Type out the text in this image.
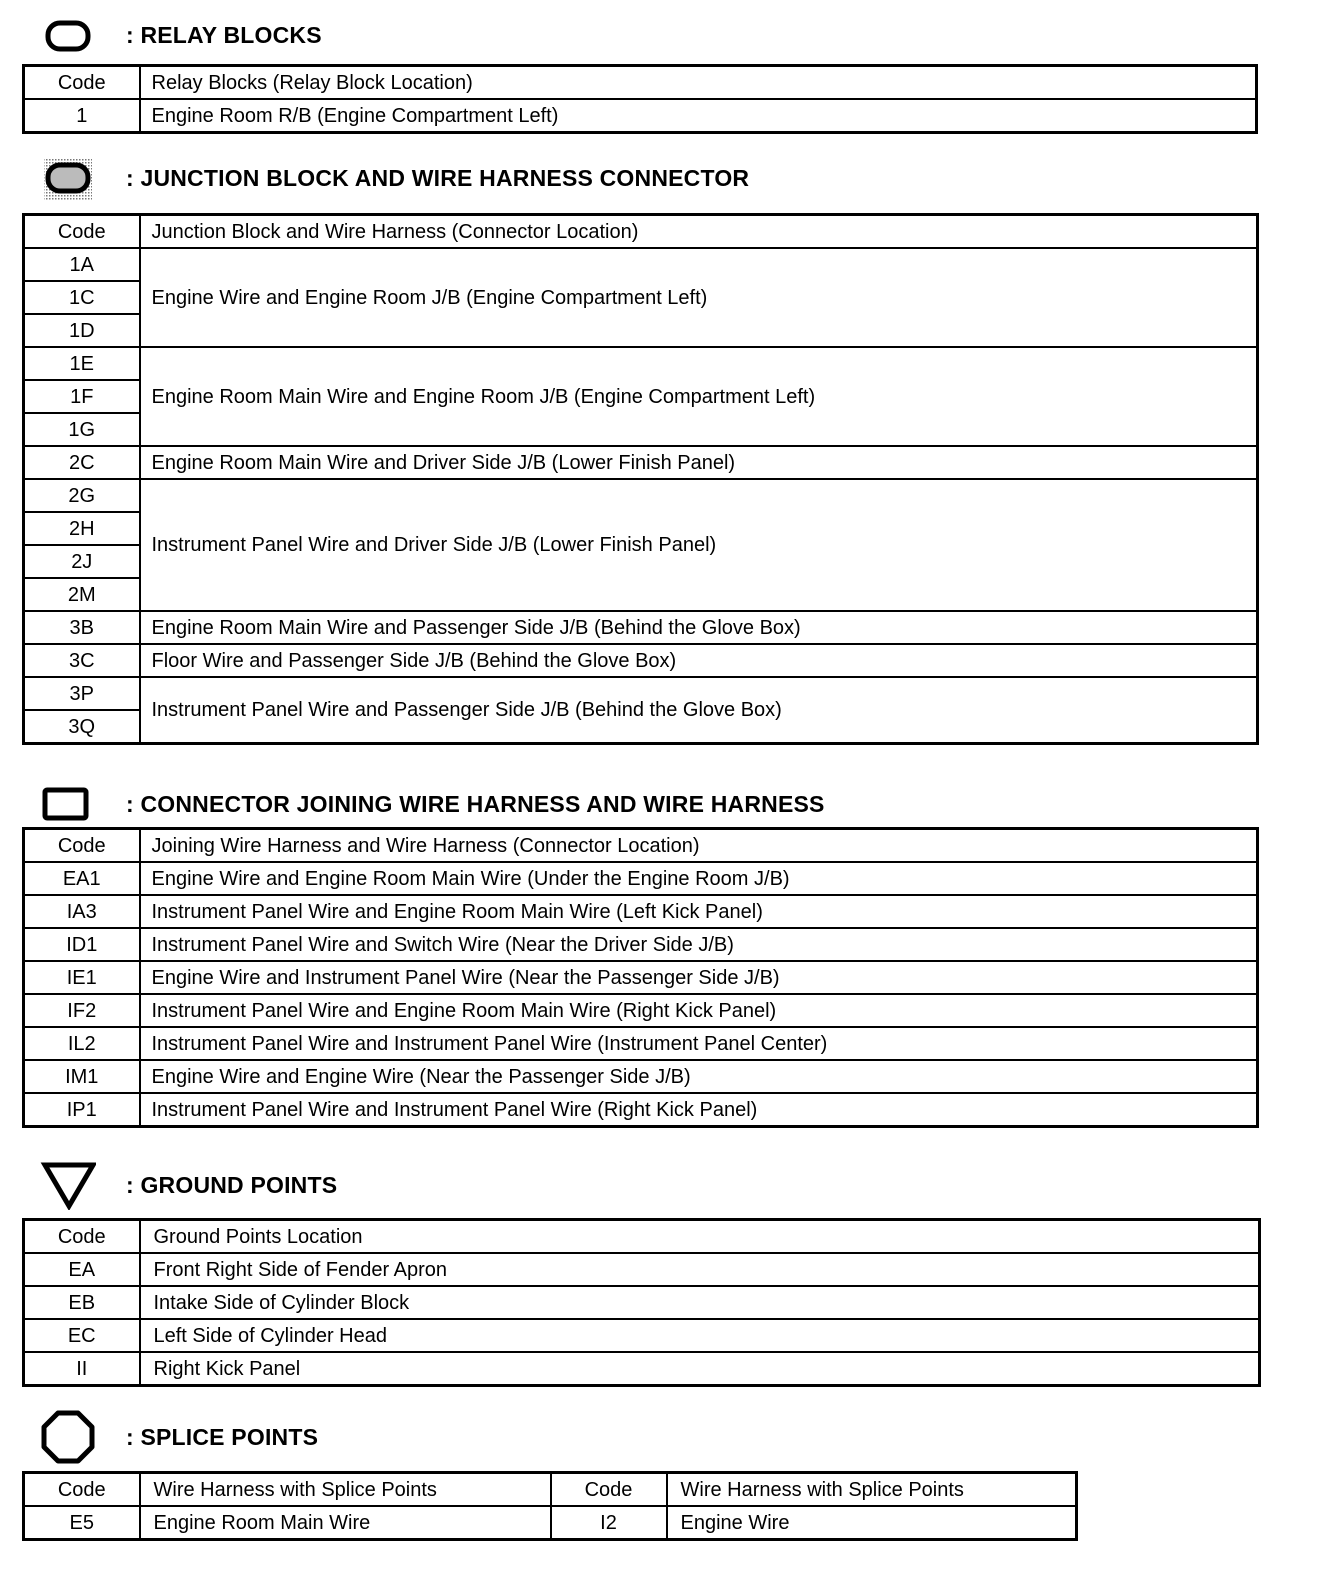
: RELAY BLOCKS
Code	Relay Blocks (Relay Block Location)
1	Engine Room R/B (Engine Compartment Left)
: JUNCTION BLOCK AND WIRE HARNESS CONNECTOR
Code	Junction Block and Wire Harness (Connector Location)
1A	Engine Wire and Engine Room J/B (Engine Compartment Left)
1C	
1D	
1E	Engine Room Main Wire and Engine Room J/B (Engine Compartment Left)
1F	
1G	
2C	Engine Room Main Wire and Driver Side J/B (Lower Finish Panel)
2G	Instrument Panel Wire and Driver Side J/B (Lower Finish Panel)
2H	
2J	
2M	
3B	Engine Room Main Wire and Passenger Side J/B (Behind the Glove Box)
3C	Floor Wire and Passenger Side J/B (Behind the Glove Box)
3P	Instrument Panel Wire and Passenger Side J/B (Behind the Glove Box)
3Q	
: CONNECTOR JOINING WIRE HARNESS AND WIRE HARNESS
Code	Joining Wire Harness and Wire Harness (Connector Location)
EA1	Engine Wire and Engine Room Main Wire (Under the Engine Room J/B)
IA3	Instrument Panel Wire and Engine Room Main Wire (Left Kick Panel)
ID1	Instrument Panel Wire and Switch Wire (Near the Driver Side J/B)
IE1	Engine Wire and Instrument Panel Wire (Near the Passenger Side J/B)
IF2	Instrument Panel Wire and Engine Room Main Wire (Right Kick Panel)
IL2	Instrument Panel Wire and Instrument Panel Wire (Instrument Panel Center)
IM1	Engine Wire and Engine Wire (Near the Passenger Side J/B)
IP1	Instrument Panel Wire and Instrument Panel Wire (Right Kick Panel)
: GROUND POINTS
Code	Ground Points Location
EA	Front Right Side of Fender Apron
EB	Intake Side of Cylinder Block
EC	Left Side of Cylinder Head
II	Right Kick Panel
: SPLICE POINTS
Code	Wire Harness with Splice Points	Code	Wire Harness with Splice Points
E5	Engine Room Main Wire	I2	Engine Wire
